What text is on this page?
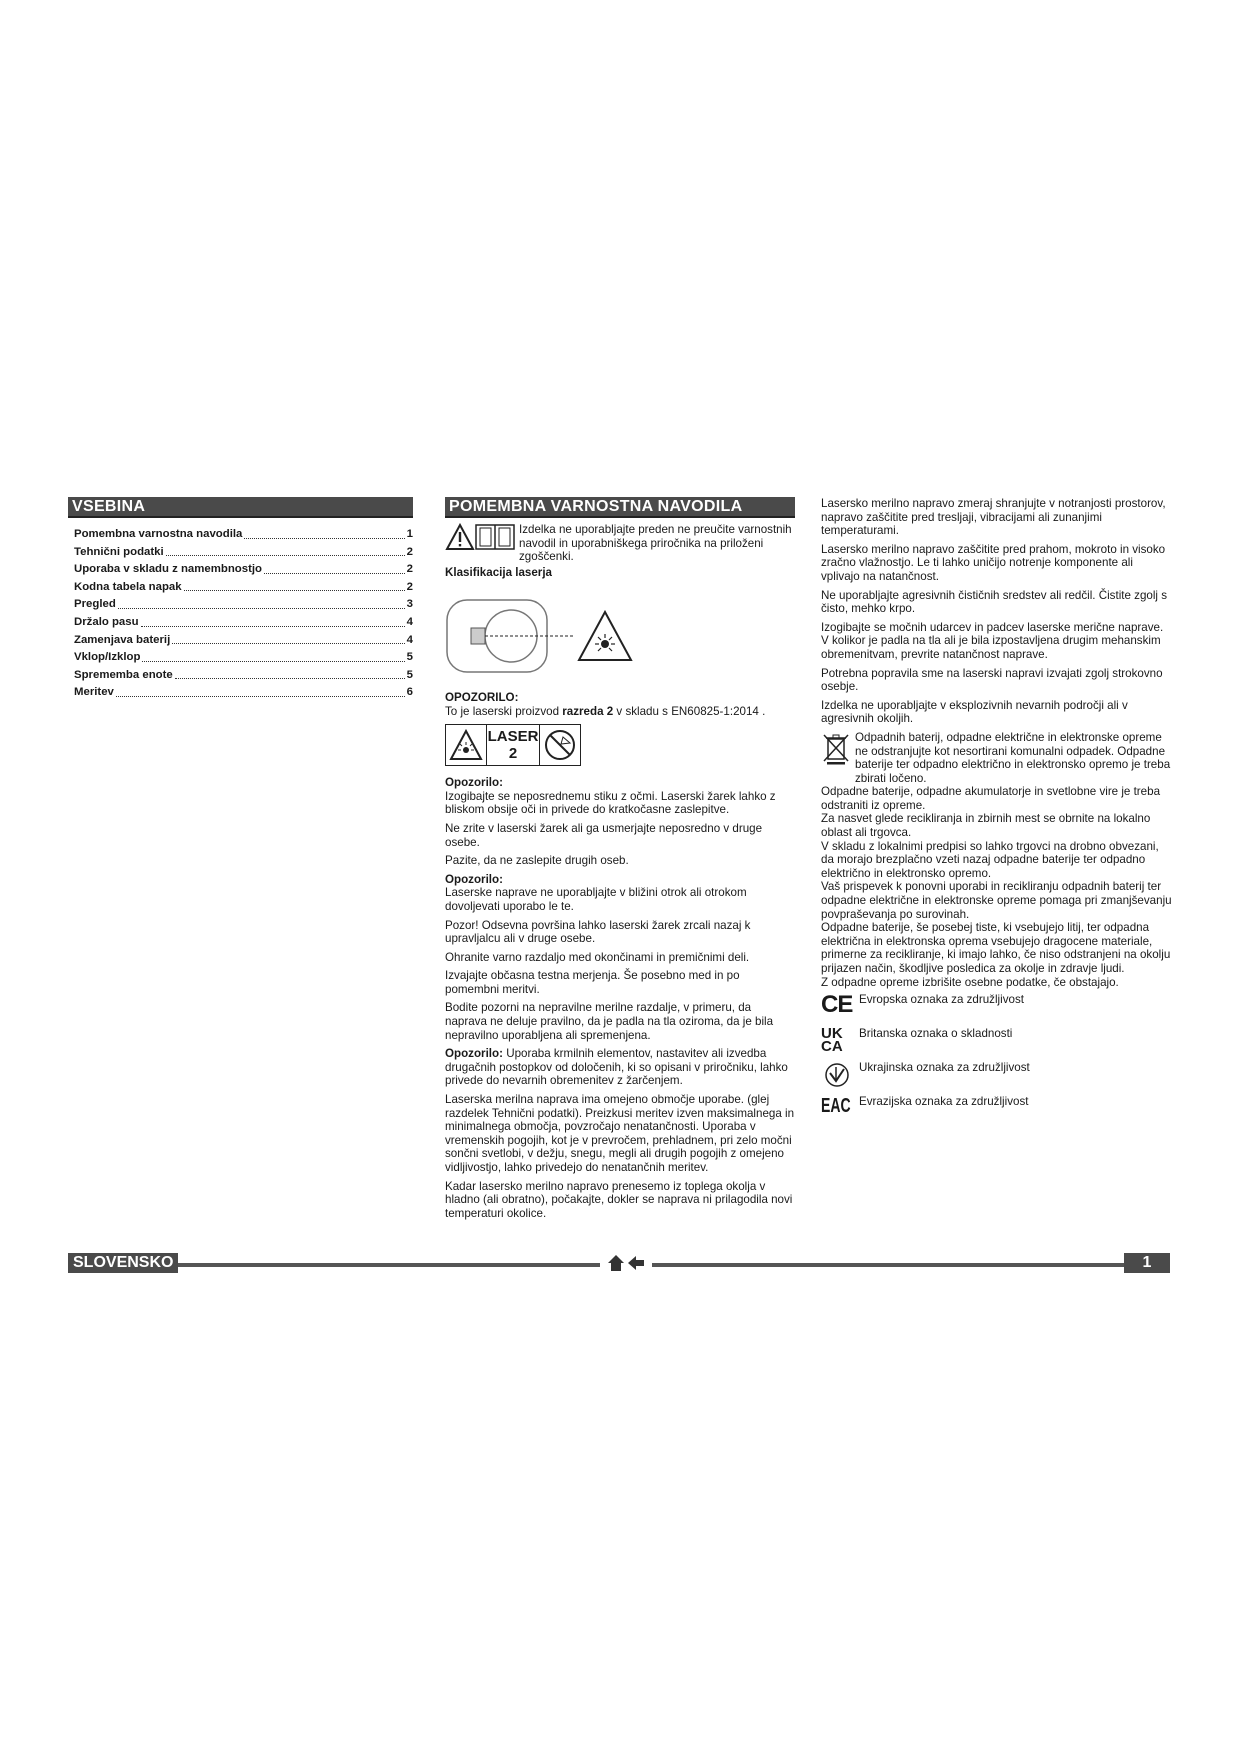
VSEBINA
Pomembna varnostna navodila	1
Tehnični podatki	2
Uporaba v skladu z namembnostjo	2
Kodna tabela napak	2
Pregled	3
Držalo pasu	4
Zamenjava baterij	4
Vklop/Izklop	5
Sprememba enote	5
Meritev	6
POMEMBNA VARNOSTNA NAVODILA

Izdelka ne uporabljajte preden ne preučite varnostnih navodil in uporabniškega priročnika na priloženi zgoščenki.

Klasifikacija laserja

OPOZORILO:

To je laserski proizvod razreda 2 v skladu s EN60825-1:2014 .

LASER
2

Opozorilo:

Izogibajte se neposrednemu stiku z očmi. Laserski žarek lahko z bliskom obsije oči in privede do kratkočasne zaslepitve.

Ne zrite v laserski žarek ali ga usmerjajte neposredno v druge osebe.

Pazite, da ne zaslepite drugih oseb.

Opozorilo:

Laserske naprave ne uporabljajte v bližini otrok ali otrokom dovoljevati uporabo le te.

Pozor! Odsevna površina lahko laserski žarek zrcali nazaj k upravljalcu ali v druge osebe.

Ohranite varno razdaljo med okončinami in premičnimi deli.

Izvajajte občasna testna merjenja. Še posebno med in po pomembni meritvi.

Bodite pozorni na nepravilne merilne razdalje, v primeru, da naprava ne deluje pravilno, da je padla na tla oziroma, da je bila nepravilno uporabljena ali spremenjena.

Opozorilo: Uporaba krmilnih elementov, nastavitev ali izvedba drugačnih postopkov od določenih, ki so opisani v priročniku, lahko privede do nevarnih obremenitev z žarčenjem.

Laserska merilna naprava ima omejeno območje uporabe. (glej razdelek Tehnični podatki). Preizkusi meritev izven maksimalnega in minimalnega območja, povzročajo nenatančnosti. Uporaba v vremenskih pogojih, kot je v prevročem, prehladnem, pri zelo močni sončni svetlobi, v dežju, snegu, megli ali drugih pogojih z omejeno vidljivostjo, lahko privedejo do nenatančnih meritev.

Kadar lasersko merilno napravo prenesemo iz toplega okolja v hladno (ali obratno), počakajte, dokler se naprava ni prilagodila novi temperaturi okolice.

Lasersko merilno napravo zmeraj shranjujte v notranjosti prostorov, napravo zaščitite pred tresljaji, vibracijami ali zunanjimi temperaturami.

Lasersko merilno napravo zaščitite pred prahom, mokroto in visoko zračno vlažnostjo. Le ti lahko uničijo notrenje komponente ali vplivajo na natančnost.

Ne uporabljajte agresivnih čističnih sredstev ali redčil. Čistite zgolj s čisto, mehko krpo.

Izogibajte se močnih udarcev in padcev laserske merične naprave. V kolikor je padla na tla ali je bila izpostavljena drugim mehanskim obremenitvam, prevrite natančnost naprave.

Potrebna popravila sme na laserski napravi izvajati zgolj strokovno osebje.

Izdelka ne uporabljajte v eksplozivnih nevarnih področji ali v agresivnih okoljih.

Odpadnih baterij, odpadne električne in elektronske opreme ne odstranjujte kot nesortirani komunalni odpadek. Odpadne baterije ter odpadno električno in elektronsko opremo je treba zbirati ločeno.

Odpadne baterije, odpadne akumulatorje in svetlobne vire je treba odstraniti iz opreme.
Za nasvet glede recikliranja in zbirnih mest se obrnite na lokalno oblast ali trgovca.
V skladu z lokalnimi predpisi so lahko trgovci na drobno obvezani, da morajo brezplačno vzeti nazaj odpadne baterije ter odpadno električno in elektronsko opremo.
Vaš prispevek k ponovni uporabi in recikliranju odpadnih baterij ter odpadne električne in elektronske opreme pomaga pri zmanjševanju povpraševanja po surovinah.
Odpadne baterije, še posebej tiste, ki vsebujejo litij, ter odpadna električna in elektronska oprema vsebujejo dragocene materiale, primerne za recikliranje, ki imajo lahko, če niso odstranjeni na okolju prijazen način, škodljive posledica za okolje in zdravje ljudi.
Z odpadne opreme izbrišite osebne podatke, če obstajajo.
CE Evropska oznaka za združljivost
UK
CA
Britanska oznaka o skladnosti
Ukrajinska oznaka za združljivost
EAC Evrazijska oznaka za združljivost
SLOVENSKO	1
